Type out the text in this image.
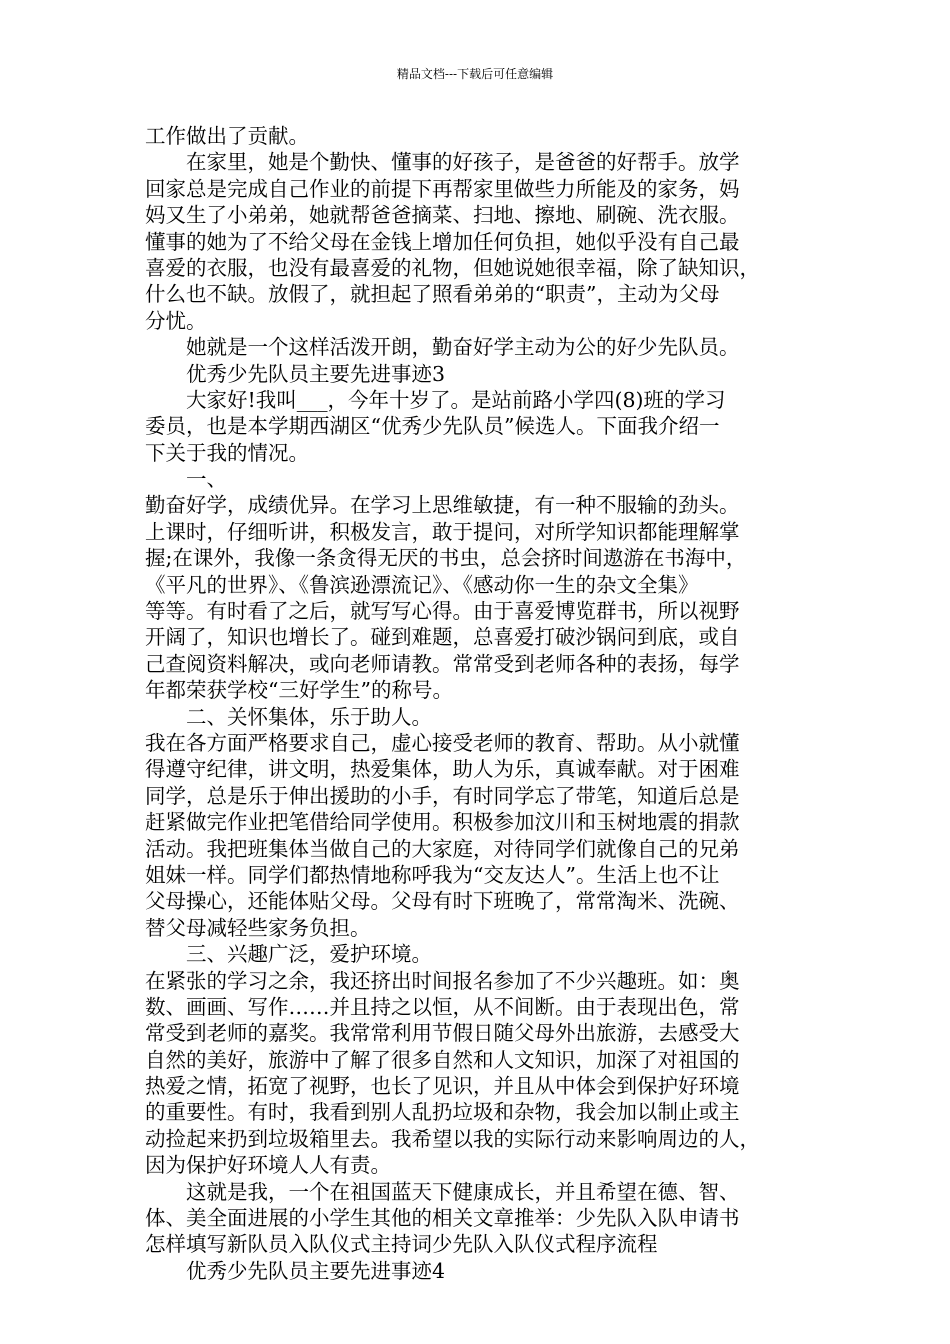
精品文档---下载后可任意编辑
工作做出了贡献。
　　在家里，她是个勤快、懂事的好孩子，是爸爸的好帮手。放学
回家总是完成自己作业的前提下再帮家里做些力所能及的家务，妈
妈又生了小弟弟，她就帮爸爸摘菜、扫地、擦地、刷碗、洗衣服。
懂事的她为了不给父母在金钱上增加任何负担，她似乎没有自己最
喜爱的衣服，也没有最喜爱的礼物，但她说她很幸福，除了缺知识，
什么也不缺。放假了，就担起了照看弟弟的“职责”，主动为父母
分忧。
　　她就是一个这样活泼开朗，勤奋好学主动为公的好少先队员。
　　优秀少先队员主要先进事迹3
　　大家好!我叫___，今年十岁了。是站前路小学四(8)班的学习
委员，也是本学期西湖区“优秀少先队员”候选人。下面我介绍一
下关于我的情况。
　　一、
勤奋好学，成绩优异。在学习上思维敏捷，有一种不服输的劲头。
上课时，仔细听讲，积极发言，敢于提问，对所学知识都能理解掌
握;在课外，我像一条贪得无厌的书虫，总会挤时间遨游在书海中，
《平凡的世界》、《鲁滨逊漂流记》、《感动你一生的杂文全集》
等等。有时看了之后，就写写心得。由于喜爱博览群书，所以视野
开阔了，知识也增长了。碰到难题，总喜爱打破沙锅问到底，或自
己查阅资料解决，或向老师请教。常常受到老师各种的表扬，每学
年都荣获学校“三好学生”的称号。
　　二、关怀集体，乐于助人。
我在各方面严格要求自己，虚心接受老师的教育、帮助。从小就懂
得遵守纪律，讲文明，热爱集体，助人为乐，真诚奉献。对于困难
同学，总是乐于伸出援助的小手，有时同学忘了带笔，知道后总是
赶紧做完作业把笔借给同学使用。积极参加汶川和玉树地震的捐款
活动。我把班集体当做自己的大家庭，对待同学们就像自己的兄弟
姐妹一样。同学们都热情地称呼我为“交友达人”。生活上也不让
父母操心，还能体贴父母。父母有时下班晚了，常常淘米、洗碗、
替父母减轻些家务负担。
　　三、兴趣广泛，爱护环境。
在紧张的学习之余，我还挤出时间报名参加了不少兴趣班。如：奥
数、画画、写作……并且持之以恒，从不间断。由于表现出色，常
常受到老师的嘉奖。我常常利用节假日随父母外出旅游，去感受大
自然的美好，旅游中了解了很多自然和人文知识，加深了对祖国的
热爱之情，拓宽了视野，也长了见识，并且从中体会到保护好环境
的重要性。有时，我看到别人乱扔垃圾和杂物，我会加以制止或主
动捡起来扔到垃圾箱里去。我希望以我的实际行动来影响周边的人，
因为保护好环境人人有责。
　　这就是我，一个在祖国蓝天下健康成长，并且希望在德、智、
体、美全面进展的小学生其他的相关文章推举：少先队入队申请书
怎样填写新队员入队仪式主持词少先队入队仪式程序流程
　　优秀少先队员主要先进事迹4
